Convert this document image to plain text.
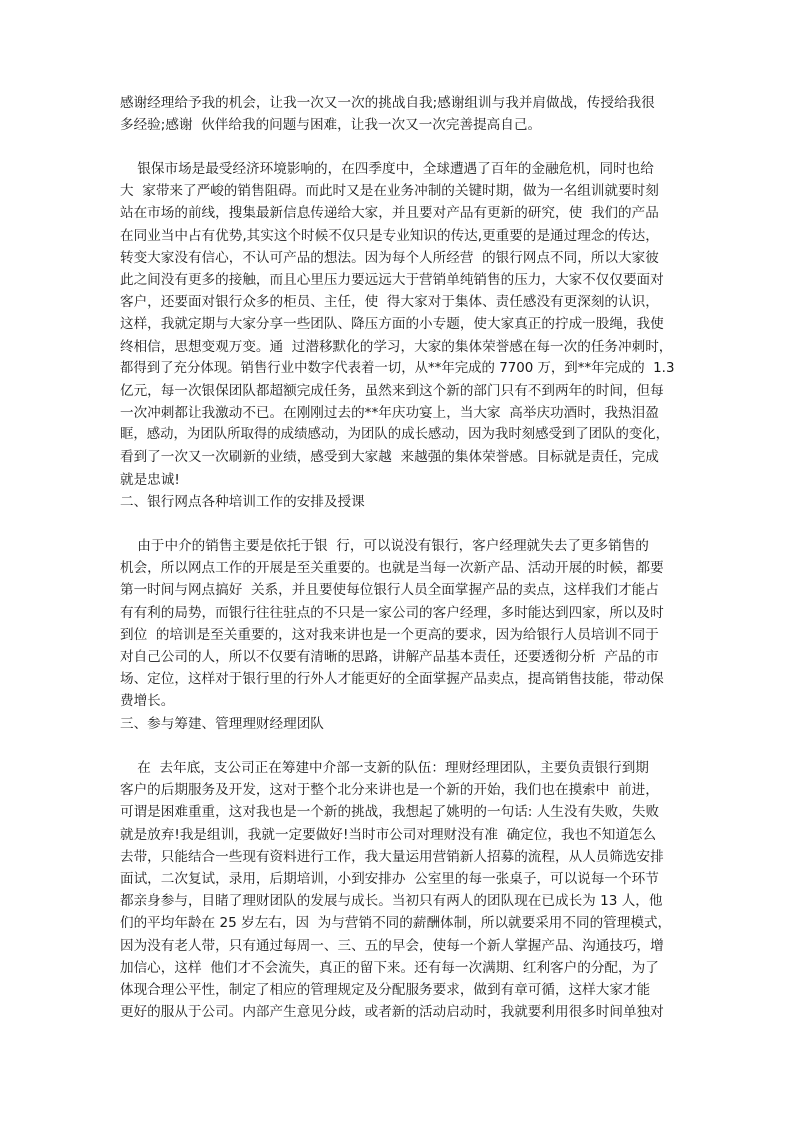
感谢经理给予我的机会，让我一次又一次的挑战自我;感谢组训与我并肩做战，传授给我很
多经验;感谢  伙伴给我的问题与困难，让我一次又一次完善提高自己。
银保市场是最受经济环境影响的，在四季度中，全球遭遇了百年的金融危机，同时也给
大  家带来了严峻的销售阻碍。而此时又是在业务冲制的关键时期，做为一名组训就要时刻
站在市场的前线，搜集最新信息传递给大家，并且要对产品有更新的研究，使  我们的产品
在同业当中占有优势,其实这个时候不仅只是专业知识的传达,更重要的是通过理念的传达，
转变大家没有信心，不认可产品的想法。因为每个人所经营  的银行网点不同，所以大家彼
此之间没有更多的接触，而且心里压力要远远大于营销单纯销售的压力，大家不仅仅要面对
客户，还要面对银行众多的柜员、主任，使  得大家对于集体、责任感没有更深刻的认识，
这样，我就定期与大家分享一些团队、降压方面的小专题，使大家真正的拧成一股绳，我使
终相信，思想变观万变。通  过潜移默化的学习，大家的集体荣誉感在每一次的任务冲刺时，
都得到了充分体现。销售行业中数字代表着一切，从**年完成的 7700 万，到**年完成的  1.3
亿元，每一次银保团队都超额完成任务，虽然来到这个新的部门只有不到两年的时间，但每
一次冲刺都让我激动不已。在刚刚过去的**年庆功宴上，当大家  高举庆功酒时，我热泪盈
眶，感动，为团队所取得的成绩感动，为团队的成长感动，因为我时刻感受到了团队的变化，
看到了一次又一次刷新的业绩，感受到大家越  来越强的集体荣誉感。目标就是责任，完成
就是忠诚!
二、银行网点各种培训工作的安排及授课
由于中介的销售主要是依托于银  行，可以说没有银行，客户经理就失去了更多销售的
机会，所以网点工作的开展是至关重要的。也就是当每一次新产品、活动开展的时候，都要
第一时间与网点搞好  关系，并且要使每位银行人员全面掌握产品的卖点，这样我们才能占
有有利的局势，而银行往往驻点的不只是一家公司的客户经理，多时能达到四家，所以及时
到位  的培训是至关重要的，这对我来讲也是一个更高的要求，因为给银行人员培训不同于
对自己公司的人，所以不仅要有清晰的思路，讲解产品基本责任，还要透彻分析  产品的市
场、定位，这样对于银行里的行外人才能更好的全面掌握产品卖点，提高销售技能，带动保
费增长。
三、参与筹建、管理理财经理团队
在  去年底，支公司正在筹建中介部一支新的队伍：理财经理团队，主要负责银行到期
客户的后期服务及开发，这对于整个北分来讲也是一个新的开始，我们也在摸索中  前进，
可谓是困难重重，这对我也是一个新的挑战，我想起了姚明的一句话: 人生没有失败，失败
就是放弃!我是组训，我就一定要做好!当时市公司对理财没有准  确定位，我也不知道怎么
去带，只能结合一些现有资料进行工作，我大量运用营销新人招募的流程，从人员筛选安排
面试，二次复试，录用，后期培训，小到安排办  公室里的每一张桌子，可以说每一个环节
都亲身参与，目睹了理财团队的发展与成长。当初只有两人的团队现在已成长为 13 人，他
们的平均年龄在 25 岁左右，因  为与营销不同的薪酬体制，所以就要采用不同的管理模式，
因为没有老人带，只有通过每周一、三、五的早会，使每一个新人掌握产品、沟通技巧，增
加信心，这样  他们才不会流失，真正的留下来。还有每一次满期、红利客户的分配，为了
体现合理公平性，制定了相应的管理规定及分配服务要求，做到有章可循，这样大家才能
更好的服从于公司。内部产生意见分歧，或者新的活动启动时，我就要利用很多时间单独对
